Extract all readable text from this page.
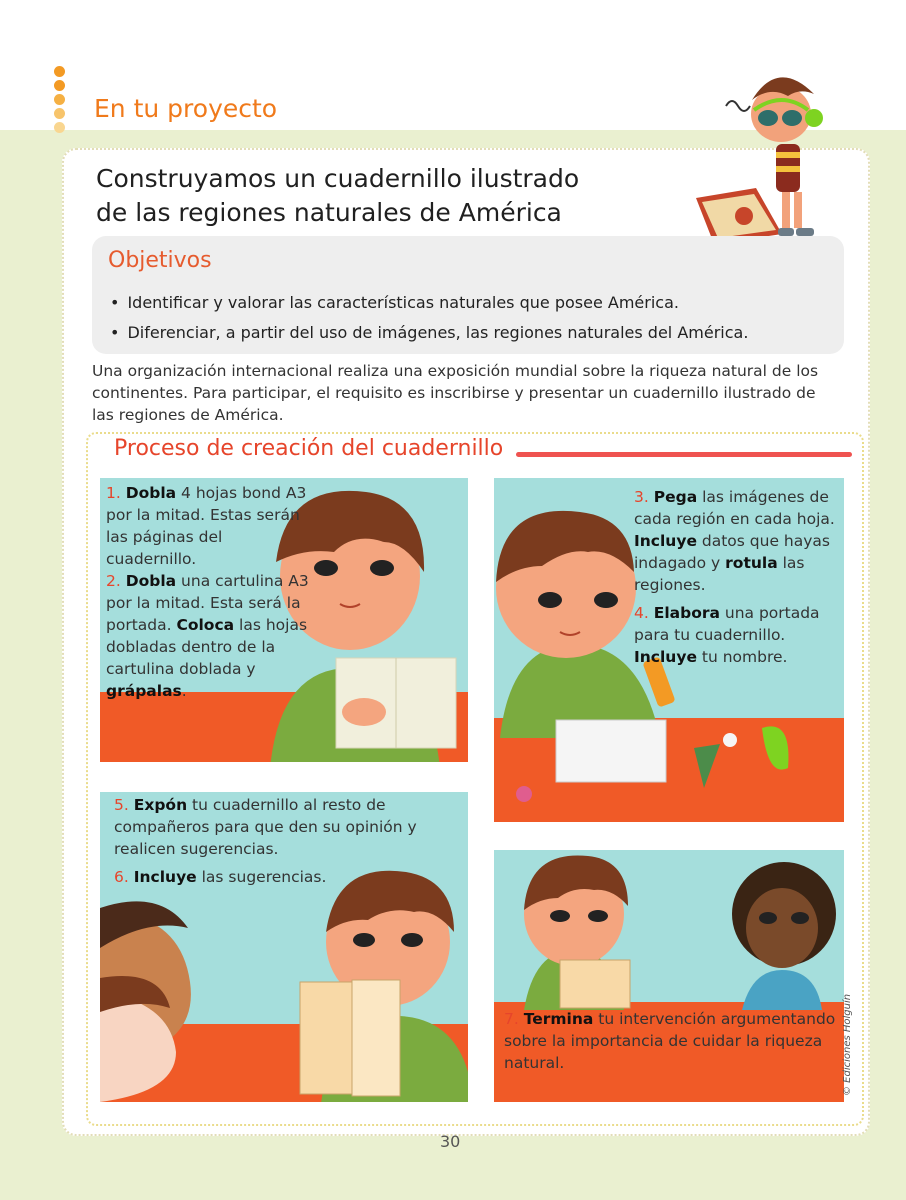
En tu proyecto
Construyamos un cuadernillo ilustrado
de las regiones naturales de América
Objetivos
• Identificar y valorar las características naturales que posee América.
• Diferenciar, a partir del uso de imágenes, las regiones naturales del América.
Una organización internacional realiza una exposición mundial sobre la riqueza natural de los continentes. Para participar, el requisito es inscribirse y presentar un cuadernillo ilustrado de las regiones de América.
Proceso de creación del cuadernillo

1. Dobla 4 hojas bond A3 por la mitad. Estas serán las páginas del cuadernillo.

2. Dobla una cartulina A3 por la mitad. Esta será la portada. Coloca las hojas dobladas dentro de la cartulina doblada y grápalas.

3. Pega las imágenes de cada región en cada hoja. Incluye datos que hayas indagado y rotula las regiones.

4. Elabora una portada para tu cuadernillo. Incluye tu nombre.

5. Expón tu cuadernillo al resto de compañeros para que den su opinión y realicen sugerencias.

6. Incluye las sugerencias.

7. Termina tu intervención argumentando sobre la importancia de cuidar la riqueza natural.	© Ediciones Holguín
30
